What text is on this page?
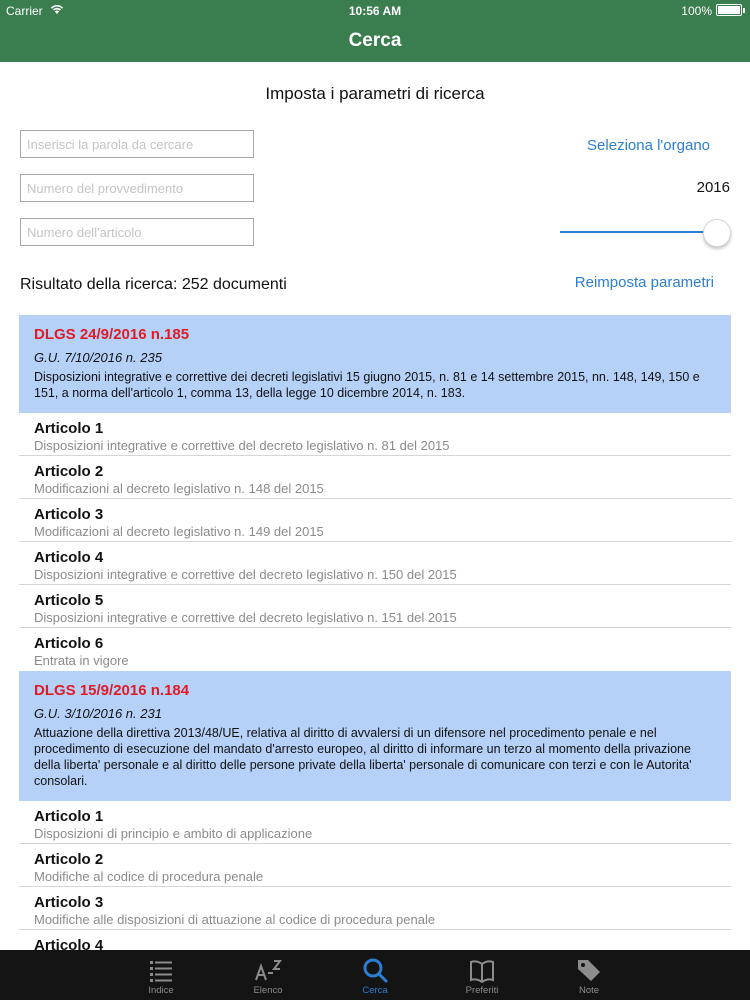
Carrier	10:56 AM	100%
Cerca
Imposta i parametri di ricerca
Inserisci la parola da cercare
Numero del provvedimento
Numero dell'articolo
Seleziona l'organo
2016
Risultato della ricerca: 252 documenti	Reimposta parametri
DLGS 24/9/2016 n.185
G.U. 7/10/2016 n. 235
Disposizioni integrative e correttive dei decreti legislativi 15 giugno 2015, n. 81 e 14 settembre 2015, nn. 148, 149, 150 e 151, a norma dell'articolo 1, comma 13, della legge 10 dicembre 2014, n. 183.
Articolo 1
Disposizioni integrative e correttive del decreto legislativo n. 81 del 2015
Articolo 2
Modificazioni al decreto legislativo n. 148 del 2015
Articolo 3
Modificazioni al decreto legislativo n. 149 del 2015
Articolo 4
Disposizioni integrative e correttive del decreto legislativo n. 150 del 2015
Articolo 5
Disposizioni integrative e correttive del decreto legislativo n. 151 del 2015
Articolo 6
Entrata in vigore
DLGS 15/9/2016 n.184
G.U. 3/10/2016 n. 231
Attuazione della direttiva 2013/48/UE, relativa al diritto di avvalersi di un difensore nel procedimento penale e nel procedimento di esecuzione del mandato d'arresto europeo, al diritto di informare un terzo al momento della privazione della liberta' personale e al diritto delle persone private della liberta' personale di comunicare con terzi e con le Autorita' consolari.
Articolo 1
Disposizioni di principio e ambito di applicazione
Articolo 2
Modifiche al codice di procedura penale
Articolo 3
Modifiche alle disposizioni di attuazione al codice di procedura penale
Articolo 4
Indice	Elenco	Cerca	Preferiti	Note
